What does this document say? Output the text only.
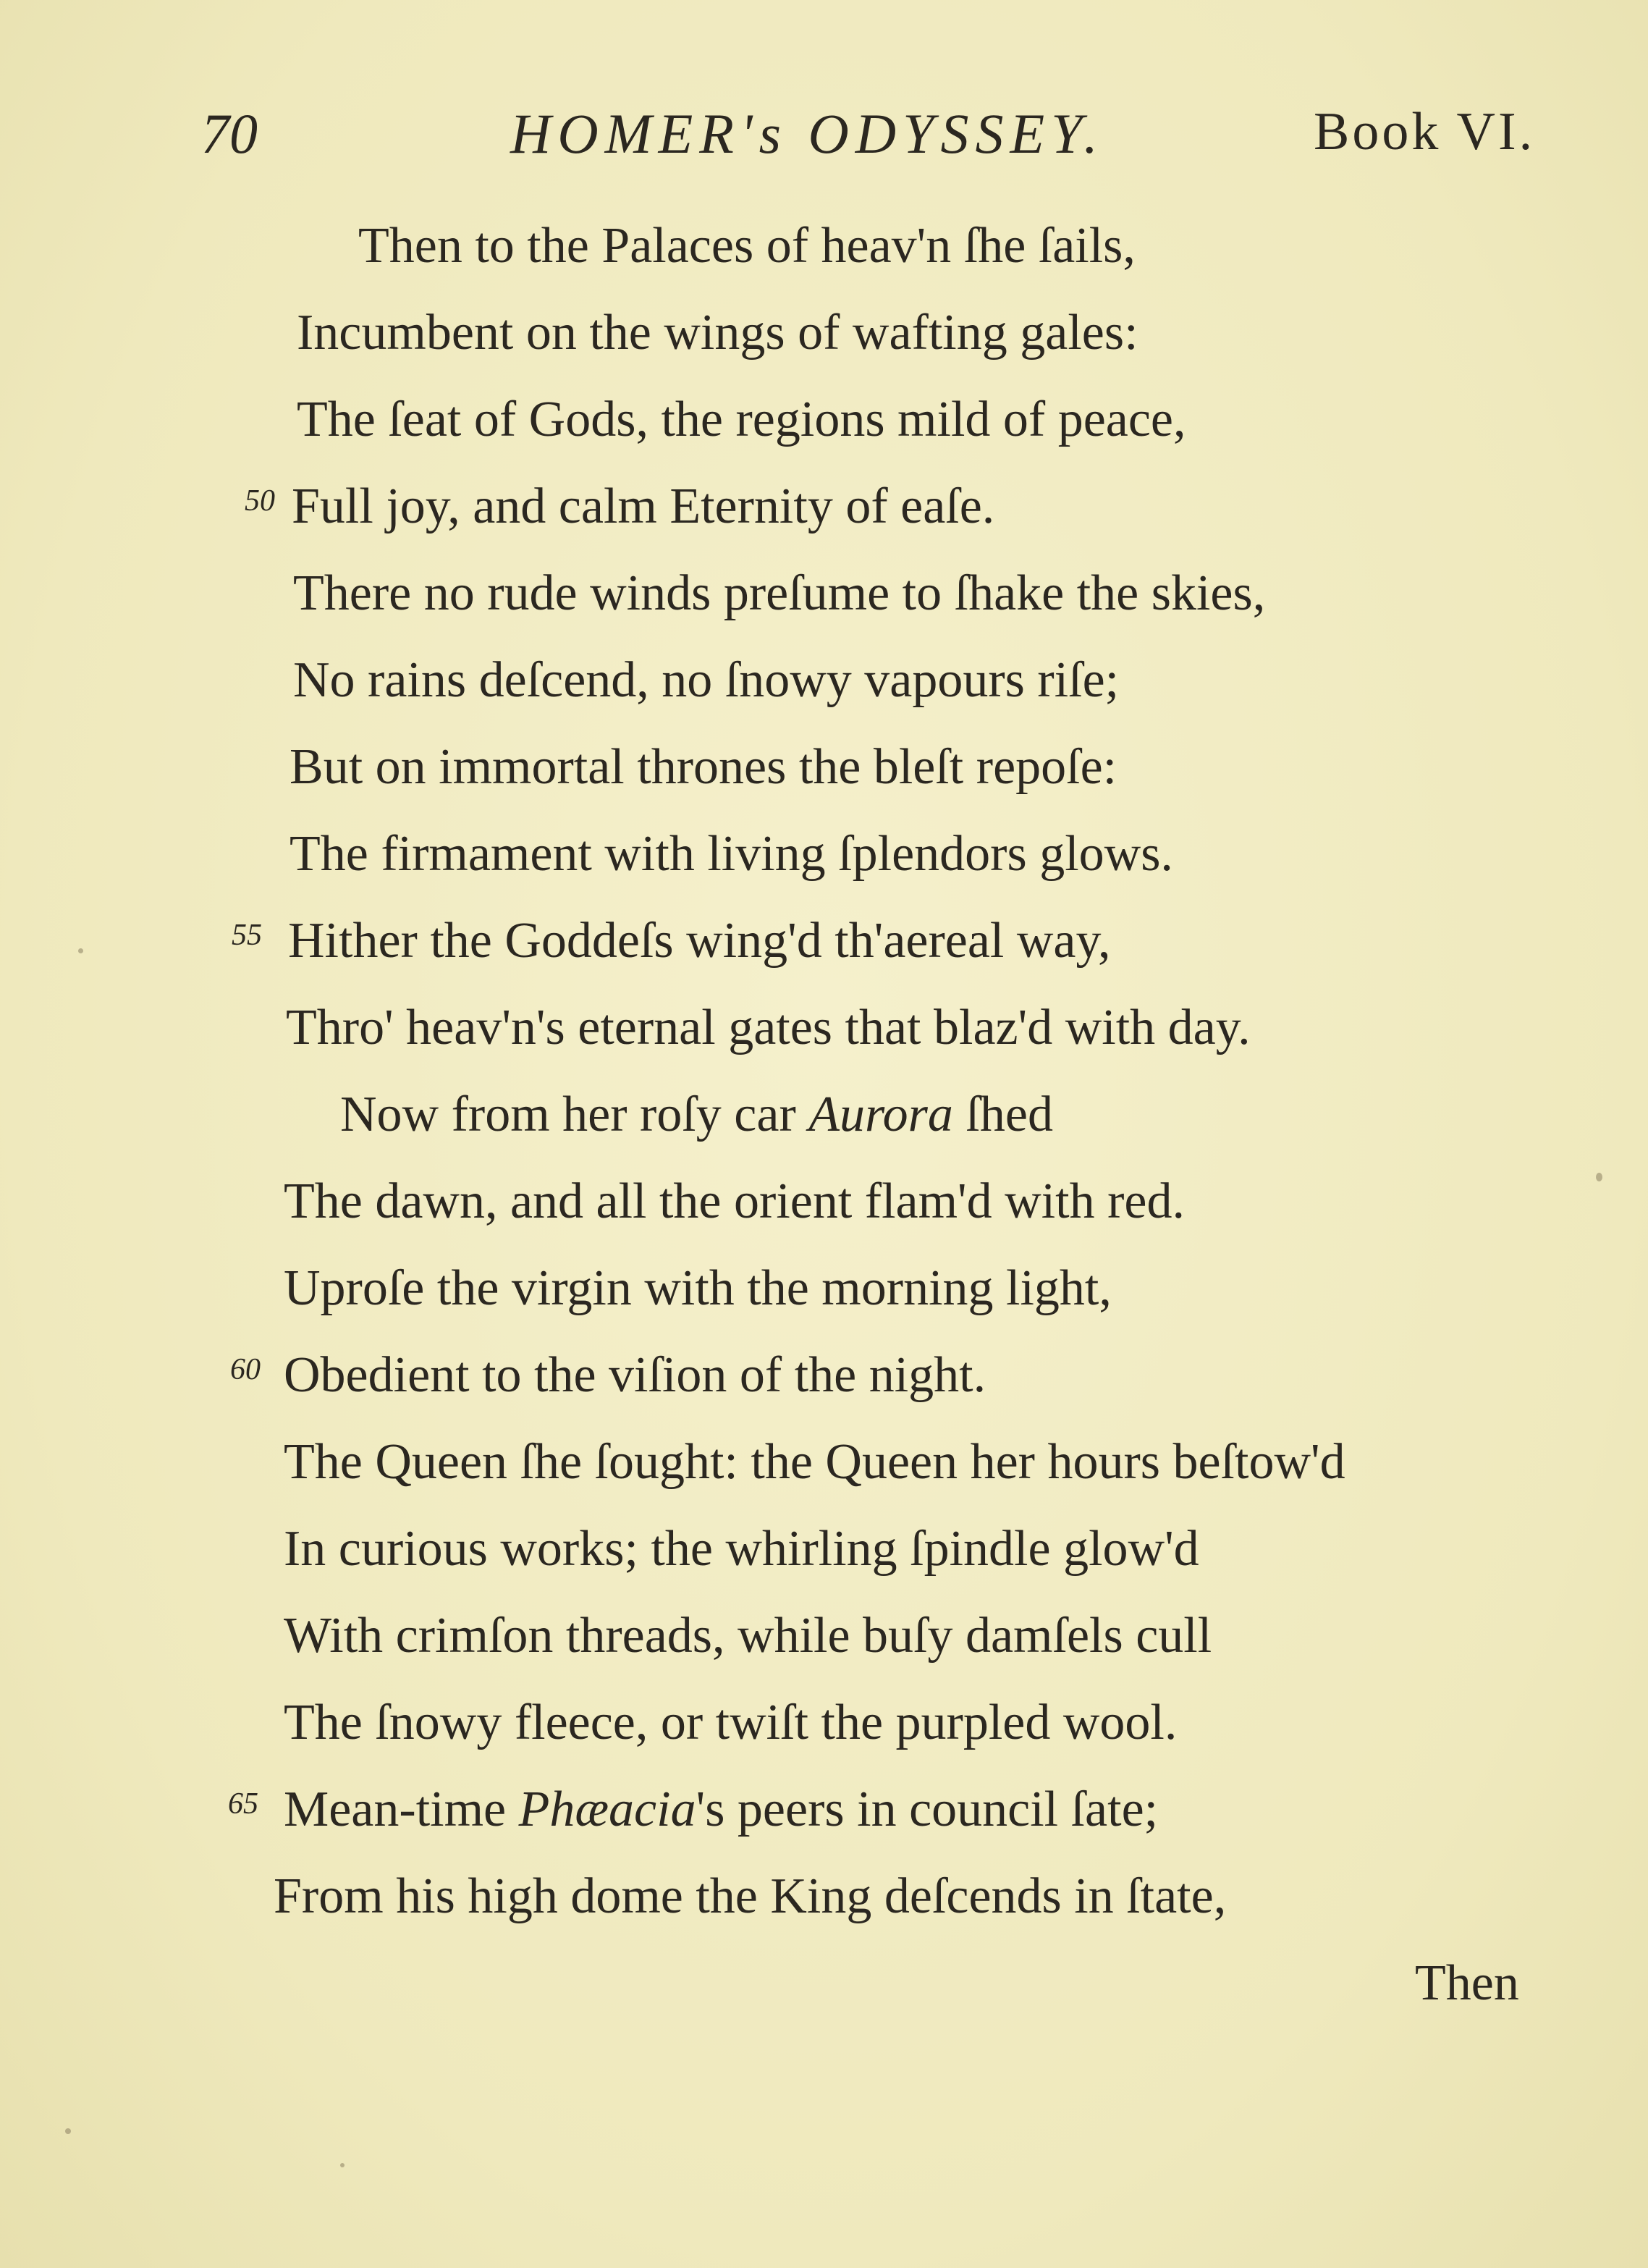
70	HOMER's ODYSSEY.	Book VI.
Then to the Palaces of heav'n ſhe ſails,
Incumbent on the wings of wafting gales:
The ſeat of Gods, the regions mild of peace,
50 Full joy, and calm Eternity of eaſe.
There no rude winds preſume to ſhake the skies,
No rains deſcend, no ſnowy vapours riſe;
But on immortal thrones the bleſt repoſe:
The firmament with living ſplendors glows.
55 Hither the Goddeſs wing'd th'aereal way,
Thro' heav'n's eternal gates that blaz'd with day.
Now from her roſy car Aurora ſhed
The dawn, and all the orient flam'd with red.
Uproſe the virgin with the morning light,
60 Obedient to the viſion of the night.
The Queen ſhe ſought: the Queen her hours beſtow'd
In curious works; the whirling ſpindle glow'd
With crimſon threads, while buſy damſels cull
The ſnowy fleece, or twiſt the purpled wool.
65 Mean-time Phæacia's peers in council ſate;
From his high dome the King deſcends in ſtate,
Then
